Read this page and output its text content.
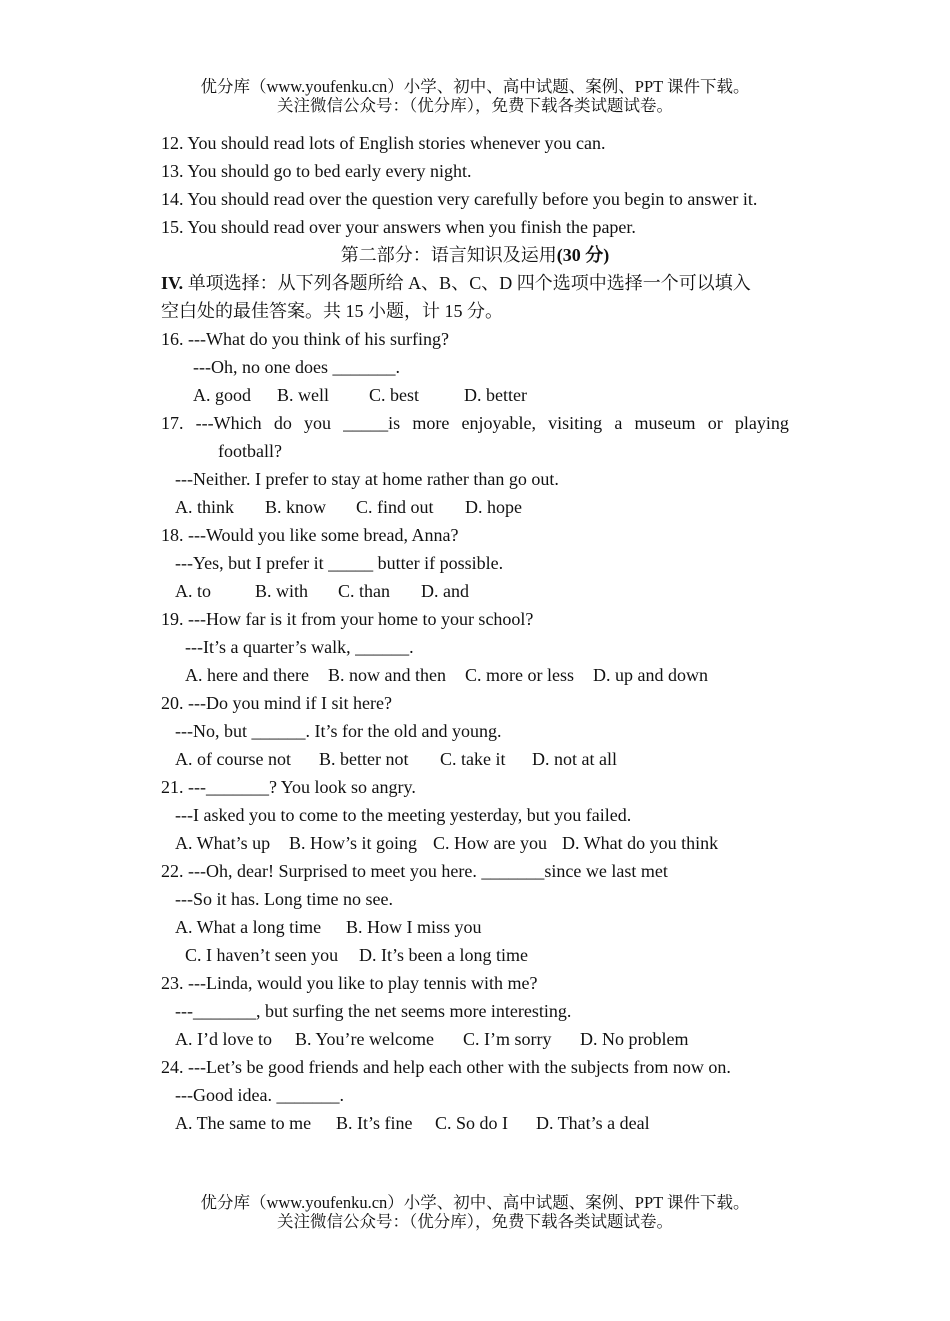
优分库（www.youfenku.cn）小学、初中、高中试题、案例、PPT 课件下载。
关注微信公众号：（优分库），免费下载各类试题试卷。
12. You should read lots of English stories whenever you can.
13. You should go to bed early every night.
14. You should read over the question very carefully before you begin to answer it.
15. You should read over your answers when you finish the paper.
第二部分：语言知识及运用(30 分)
IV. 单项选择：从下列各题所给 A、B、C、D 四个选项中选择一个可以填入
空白处的最佳答案。共 15 小题，计 15 分。
16. ---What do you think of his surfing?
---Oh, no one does _______.
A. good B. well C. best D. better
17. ---Which do you _____is more enjoyable, visiting a museum or playing
football?
---Neither. I prefer to stay at home rather than go out.
A. think B. know C. find out D. hope
18. ---Would you like some bread, Anna?
---Yes, but I prefer it _____ butter if possible.
A. to B. with C. than D. and
19. ---How far is it from your home to your school?
---It’s a quarter’s walk, ______.
A. here and there B. now and then C. more or less D. up and down
20. ---Do you mind if I sit here?
---No, but ______. It’s for the old and young.
A. of course not B. better not C. take it D. not at all
21. ---_______? You look so angry.
---I asked you to come to the meeting yesterday, but you failed.
A. What’s up B. How’s it going C. How are you D. What do you think
22. ---Oh, dear! Surprised to meet you here. _______since we last met
---So it has. Long time no see.
A. What a long time B. How I miss you
C. I haven’t seen you D. It’s been a long time
23. ---Linda, would you like to play tennis with me?
---_______, but surfing the net seems more interesting.
A. I’d love to B. You’re welcome C. I’m sorry D. No problem
24. ---Let’s be good friends and help each other with the subjects from now on.
---Good idea. _______.
A. The same to me B. It’s fine C. So do I D. That’s a deal
优分库（www.youfenku.cn）小学、初中、高中试题、案例、PPT 课件下载。
关注微信公众号：（优分库），免费下载各类试题试卷。
